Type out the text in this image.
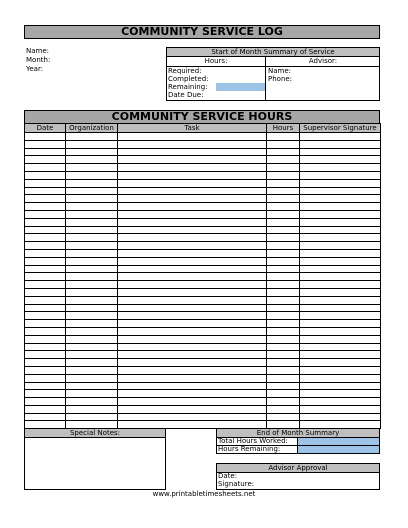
COMMUNITY SERVICE LOG
Name:
Month:
Year:
Start of Month Summary of Service
Hours:	Advisor:
Required:
Completed:
Remaining:
Date Due:
Name:
Phone:
COMMUNITY SERVICE HOURS
Date	Organization	Task	Hours	Supervisor Signature

Special Notes:	End of Month Summary
Total Hours Worked:
Hours Remaining:
Advisor Approval
Date:
Signature:
www.printabletimesheets.net
